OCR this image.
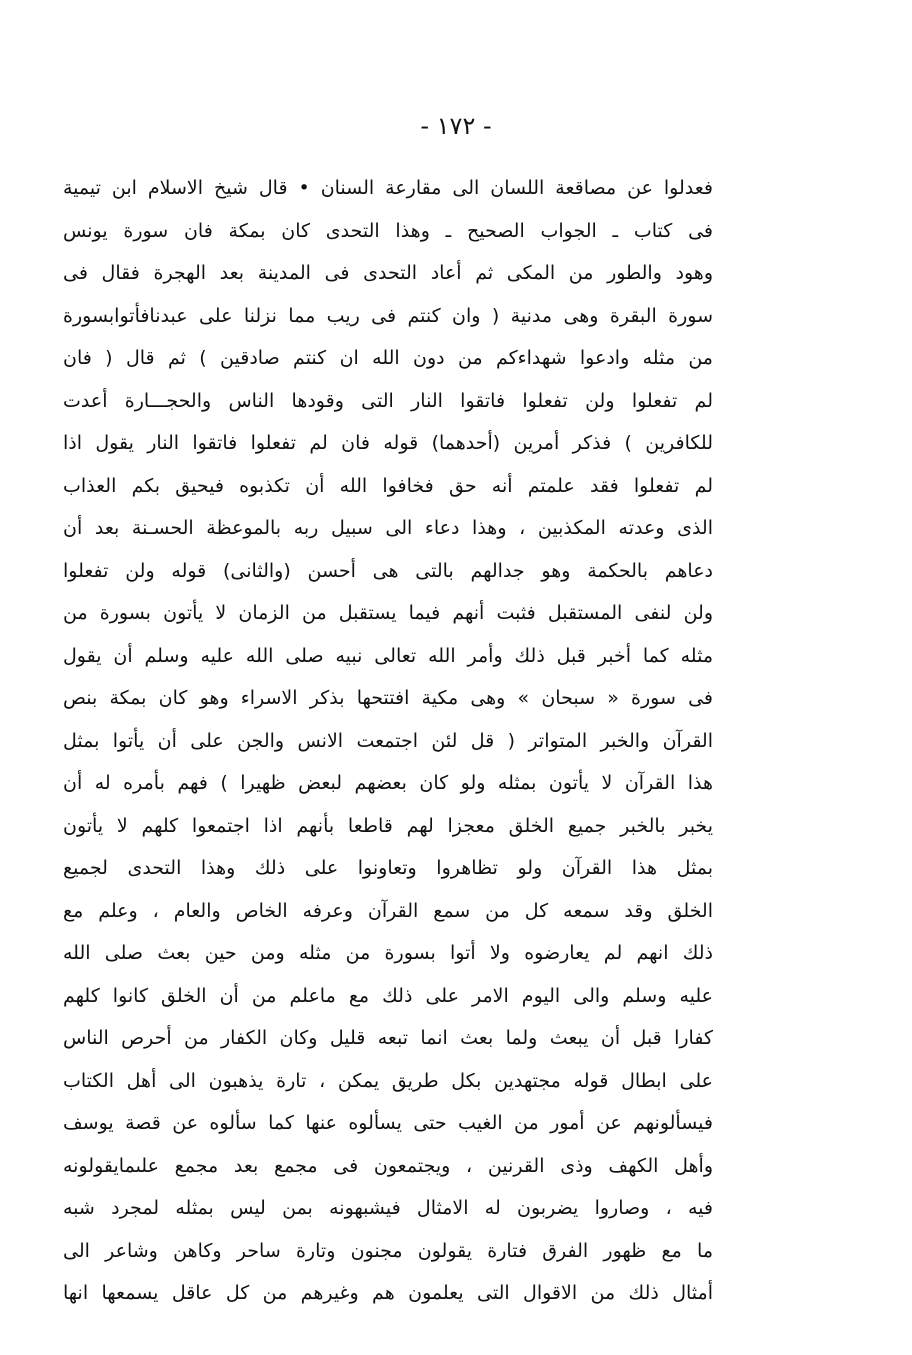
- ١٧٢ -
فعدلوا عن مصاقعة اللسان الى مقارعة السنان • قال شيخ الاسلام ابن تيمية
فى كتاب ـ الجواب الصحيح ـ وهذا التحدى كان بمكة فان سورة يونس
وهود والطور من المكى ثم أعاد التحدى فى المدينة بعد الهجرة فقال فى
سورة البقرة وهى مدنية ( وان كنتم فى ريب مما نزلنا على عبدنافأتوابسورة
من مثله وادعوا شهداءكم من دون الله ان كنتم صادقين ) ثم قال ( فان
لم تفعلوا ولن تفعلوا فاتقوا النار التى وقودها الناس والحجـــارة أعدت
للكافرين ) فذكر أمرين (أحدهما) قوله فان لم تفعلوا فاتقوا النار يقول اذا
لم تفعلوا فقد علمتم أنه حق فخافوا الله أن تكذبوه فيحيق بكم العذاب
الذى وعدته المكذبين ، وهذا دعاء الى سبيل ربه بالموعظة الحسـنة بعد أن
دعاهم بالحكمة وهو جدالهم بالتى هى أحسن (والثانى) قوله ولن تفعلوا
ولن لنفى المستقبل فثبت أنهم فيما يستقبل من الزمان لا يأتون بسورة من
مثله كما أخبر قبل ذلك وأمر الله تعالى نبيه صلى الله عليه وسلم أن يقول
فى سورة « سبحان » وهى مكية افتتحها بذكر الاسراء وهو كان بمكة بنص
القرآن والخبر المتواتر ( قل لئن اجتمعت الانس والجن على أن يأتوا بمثل
هذا القرآن لا يأتون بمثله ولو كان بعضهم لبعض ظهيرا ) فهم بأمره له أن
يخبر بالخبر جميع الخلق معجزا لهم قاطعا بأنهم اذا اجتمعوا كلهم لا يأتون
بمثل هذا القرآن ولو تظاهروا وتعاونوا على ذلك وهذا التحدى لجميع
الخلق وقد سمعه كل من سمع القرآن وعرفه الخاص والعام ، وعلم مع
ذلك انهم لم يعارضوه ولا أتوا بسورة من مثله ومن حين بعث صلى الله
عليه وسلم والى اليوم الامر على ذلك مع ماعلم من أن الخلق كانوا كلهم
كفارا قبل أن يبعث ولما بعث انما تبعه قليل وكان الكفار من أحرص الناس
على ابطال قوله مجتهدين بكل طريق يمكن ، تارة يذهبون الى أهل الكتاب
فيسألونهم عن أمور من الغيب حتى يسألوه عنها كما سألوه عن قصة يوسف
وأهل الكهف وذى القرنين ، ويجتمعون فى مجمع بعد مجمع علىمايقولونه
فيه ، وصاروا يضربون له الامثال فيشبهونه بمن ليس بمثله لمجرد شبه
ما مع ظهور الفرق فتارة يقولون مجنون وتارة ساحر وكاهن وشاعر الى
أمثال ذلك من الاقوال التى يعلمون هم وغيرهم من كل عاقل يسمعها انها
